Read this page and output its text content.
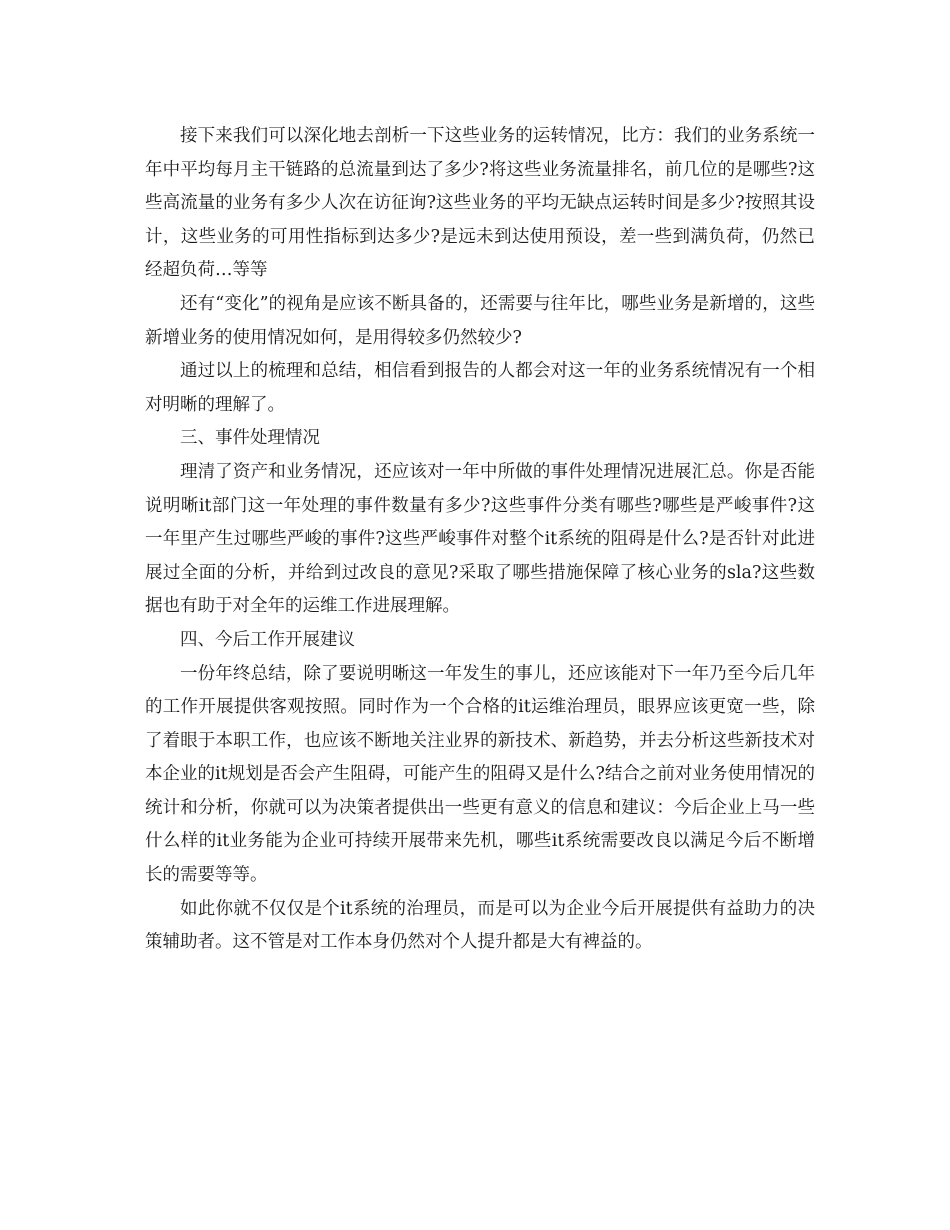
接下来我们可以深化地去剖析一下这些业务的运转情况，比方：我们的业务系统一年中平均每月主干链路的总流量到达了多少?将这些业务流量排名，前几位的是哪些?这些高流量的业务有多少人次在访征询?这些业务的平均无缺点运转时间是多少?按照其设计，这些业务的可用性指标到达多少?是远未到达使用预设，差一些到满负荷，仍然已经超负荷…等等

还有“变化”的视角是应该不断具备的，还需要与往年比，哪些业务是新增的，这些新增业务的使用情况如何，是用得较多仍然较少?

通过以上的梳理和总结，相信看到报告的人都会对这一年的业务系统情况有一个相对明晰的理解了。

三、事件处理情况

理清了资产和业务情况，还应该对一年中所做的事件处理情况进展汇总。你是否能说明晰it部门这一年处理的事件数量有多少?这些事件分类有哪些?哪些是严峻事件?这一年里产生过哪些严峻的事件?这些严峻事件对整个it系统的阻碍是什么?是否针对此进展过全面的分析，并给到过改良的意见?采取了哪些措施保障了核心业务的sla?这些数据也有助于对全年的运维工作进展理解。

四、今后工作开展建议

一份年终总结，除了要说明晰这一年发生的事儿，还应该能对下一年乃至今后几年的工作开展提供客观按照。同时作为一个合格的it运维治理员，眼界应该更宽一些，除了着眼于本职工作，也应该不断地关注业界的新技术、新趋势，并去分析这些新技术对本企业的it规划是否会产生阻碍，可能产生的阻碍又是什么?结合之前对业务使用情况的统计和分析，你就可以为决策者提供出一些更有意义的信息和建议：今后企业上马一些什么样的it业务能为企业可持续开展带来先机，哪些it系统需要改良以满足今后不断增长的需要等等。

如此你就不仅仅是个it系统的治理员，而是可以为企业今后开展提供有益助力的决策辅助者。这不管是对工作本身仍然对个人提升都是大有裨益的。
